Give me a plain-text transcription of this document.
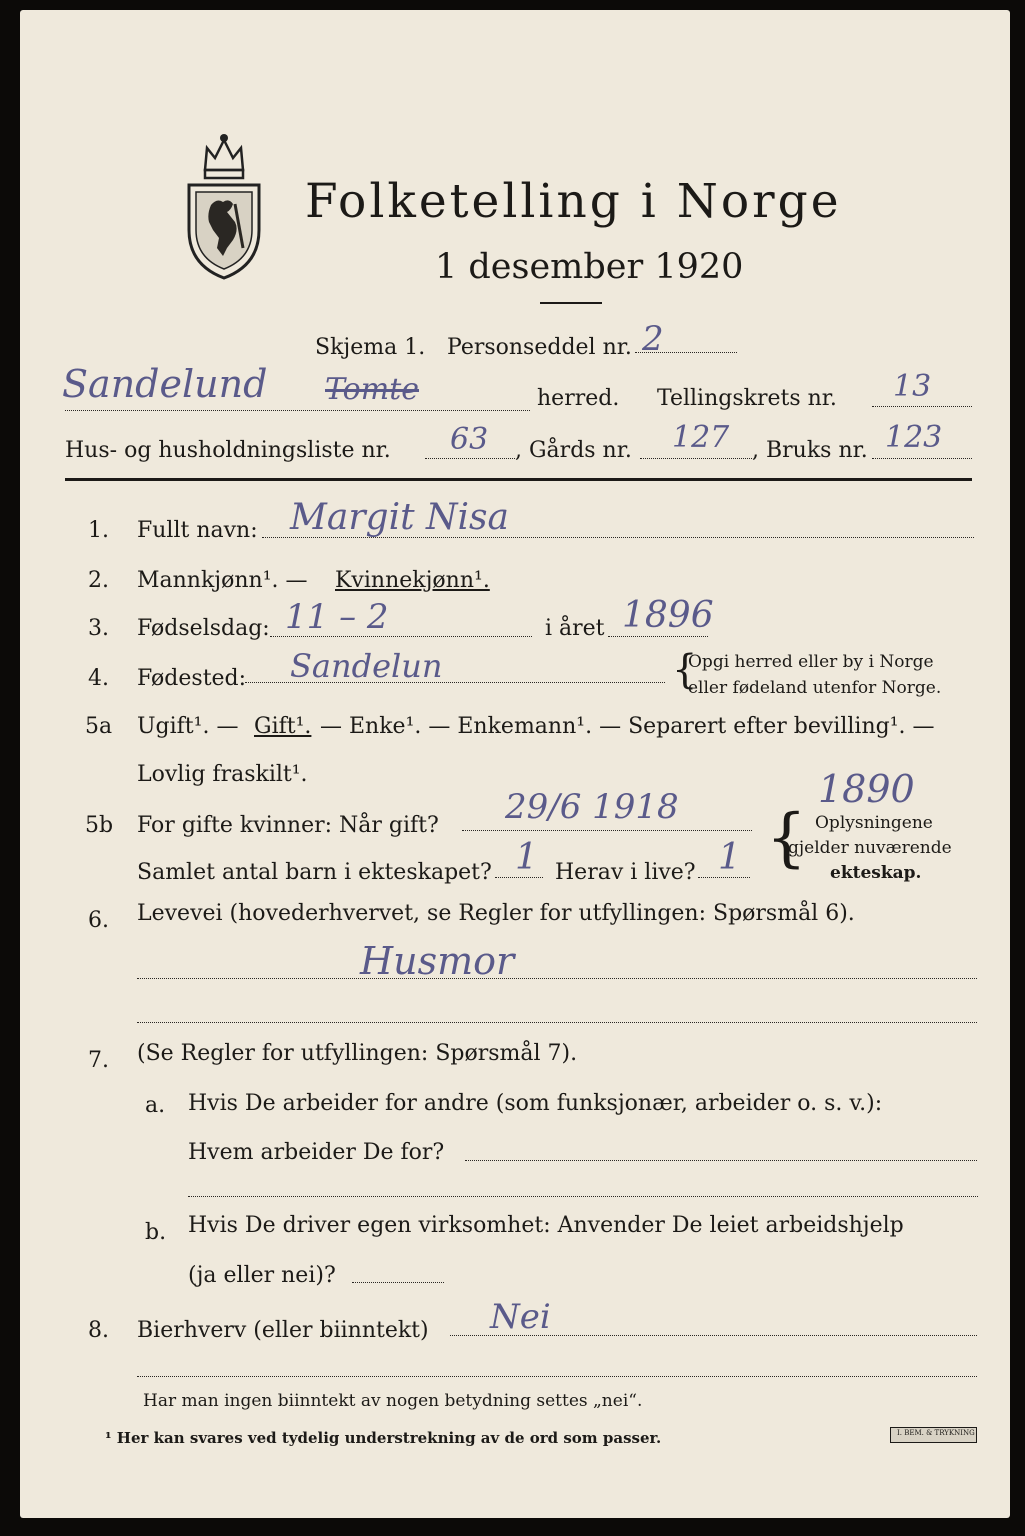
Folketelling i Norge
1 desember 1920
Skjema 1. Personseddel nr. 2
Sandelund Tomte	herred. Tellingskrets nr. 13
Hus- og husholdningsliste nr. 63 , Gårds nr. 127 , Bruks nr. 123
1. Fullt navn: Margit Nisa
2. Mannkjønn¹. — Kvinnekjønn¹.
3. Fødselsdag: 11 – 2	i året 1896
4. Fødested: Sandelun	{
Opgi herred eller by i Norge
eller fødeland utenfor Norge.
5a Ugift¹. — Gift¹. — Enke¹. — Enkemann¹. — Separert efter bevilling¹. —
Lovlig fraskilt¹.
5b For gifte kvinner: Når gift? 29/6 1918	1890
{ Oplysningene
gjelder nuværende
ekteskap.
Samlet antal barn i ekteskapet? 1 Herav i live? 1
6. Levevei (hovederhvervet, se Regler for utfyllingen: Spørsmål 6).
Husmor
7. (Se Regler for utfyllingen: Spørsmål 7).
a. Hvis De arbeider for andre (som funksjonær, arbeider o. s. v.):
Hvem arbeider De for?
b. Hvis De driver egen virksomhet: Anvender De leiet arbeidshjelp
(ja eller nei)?
8. Bierhverv (eller biinntekt) Nei
Har man ingen biinntekt av nogen betydning settes „nei“.
¹ Her kan svares ved tydelig understrekning av de ord som passer.	I. BEM. & TRYKNING
